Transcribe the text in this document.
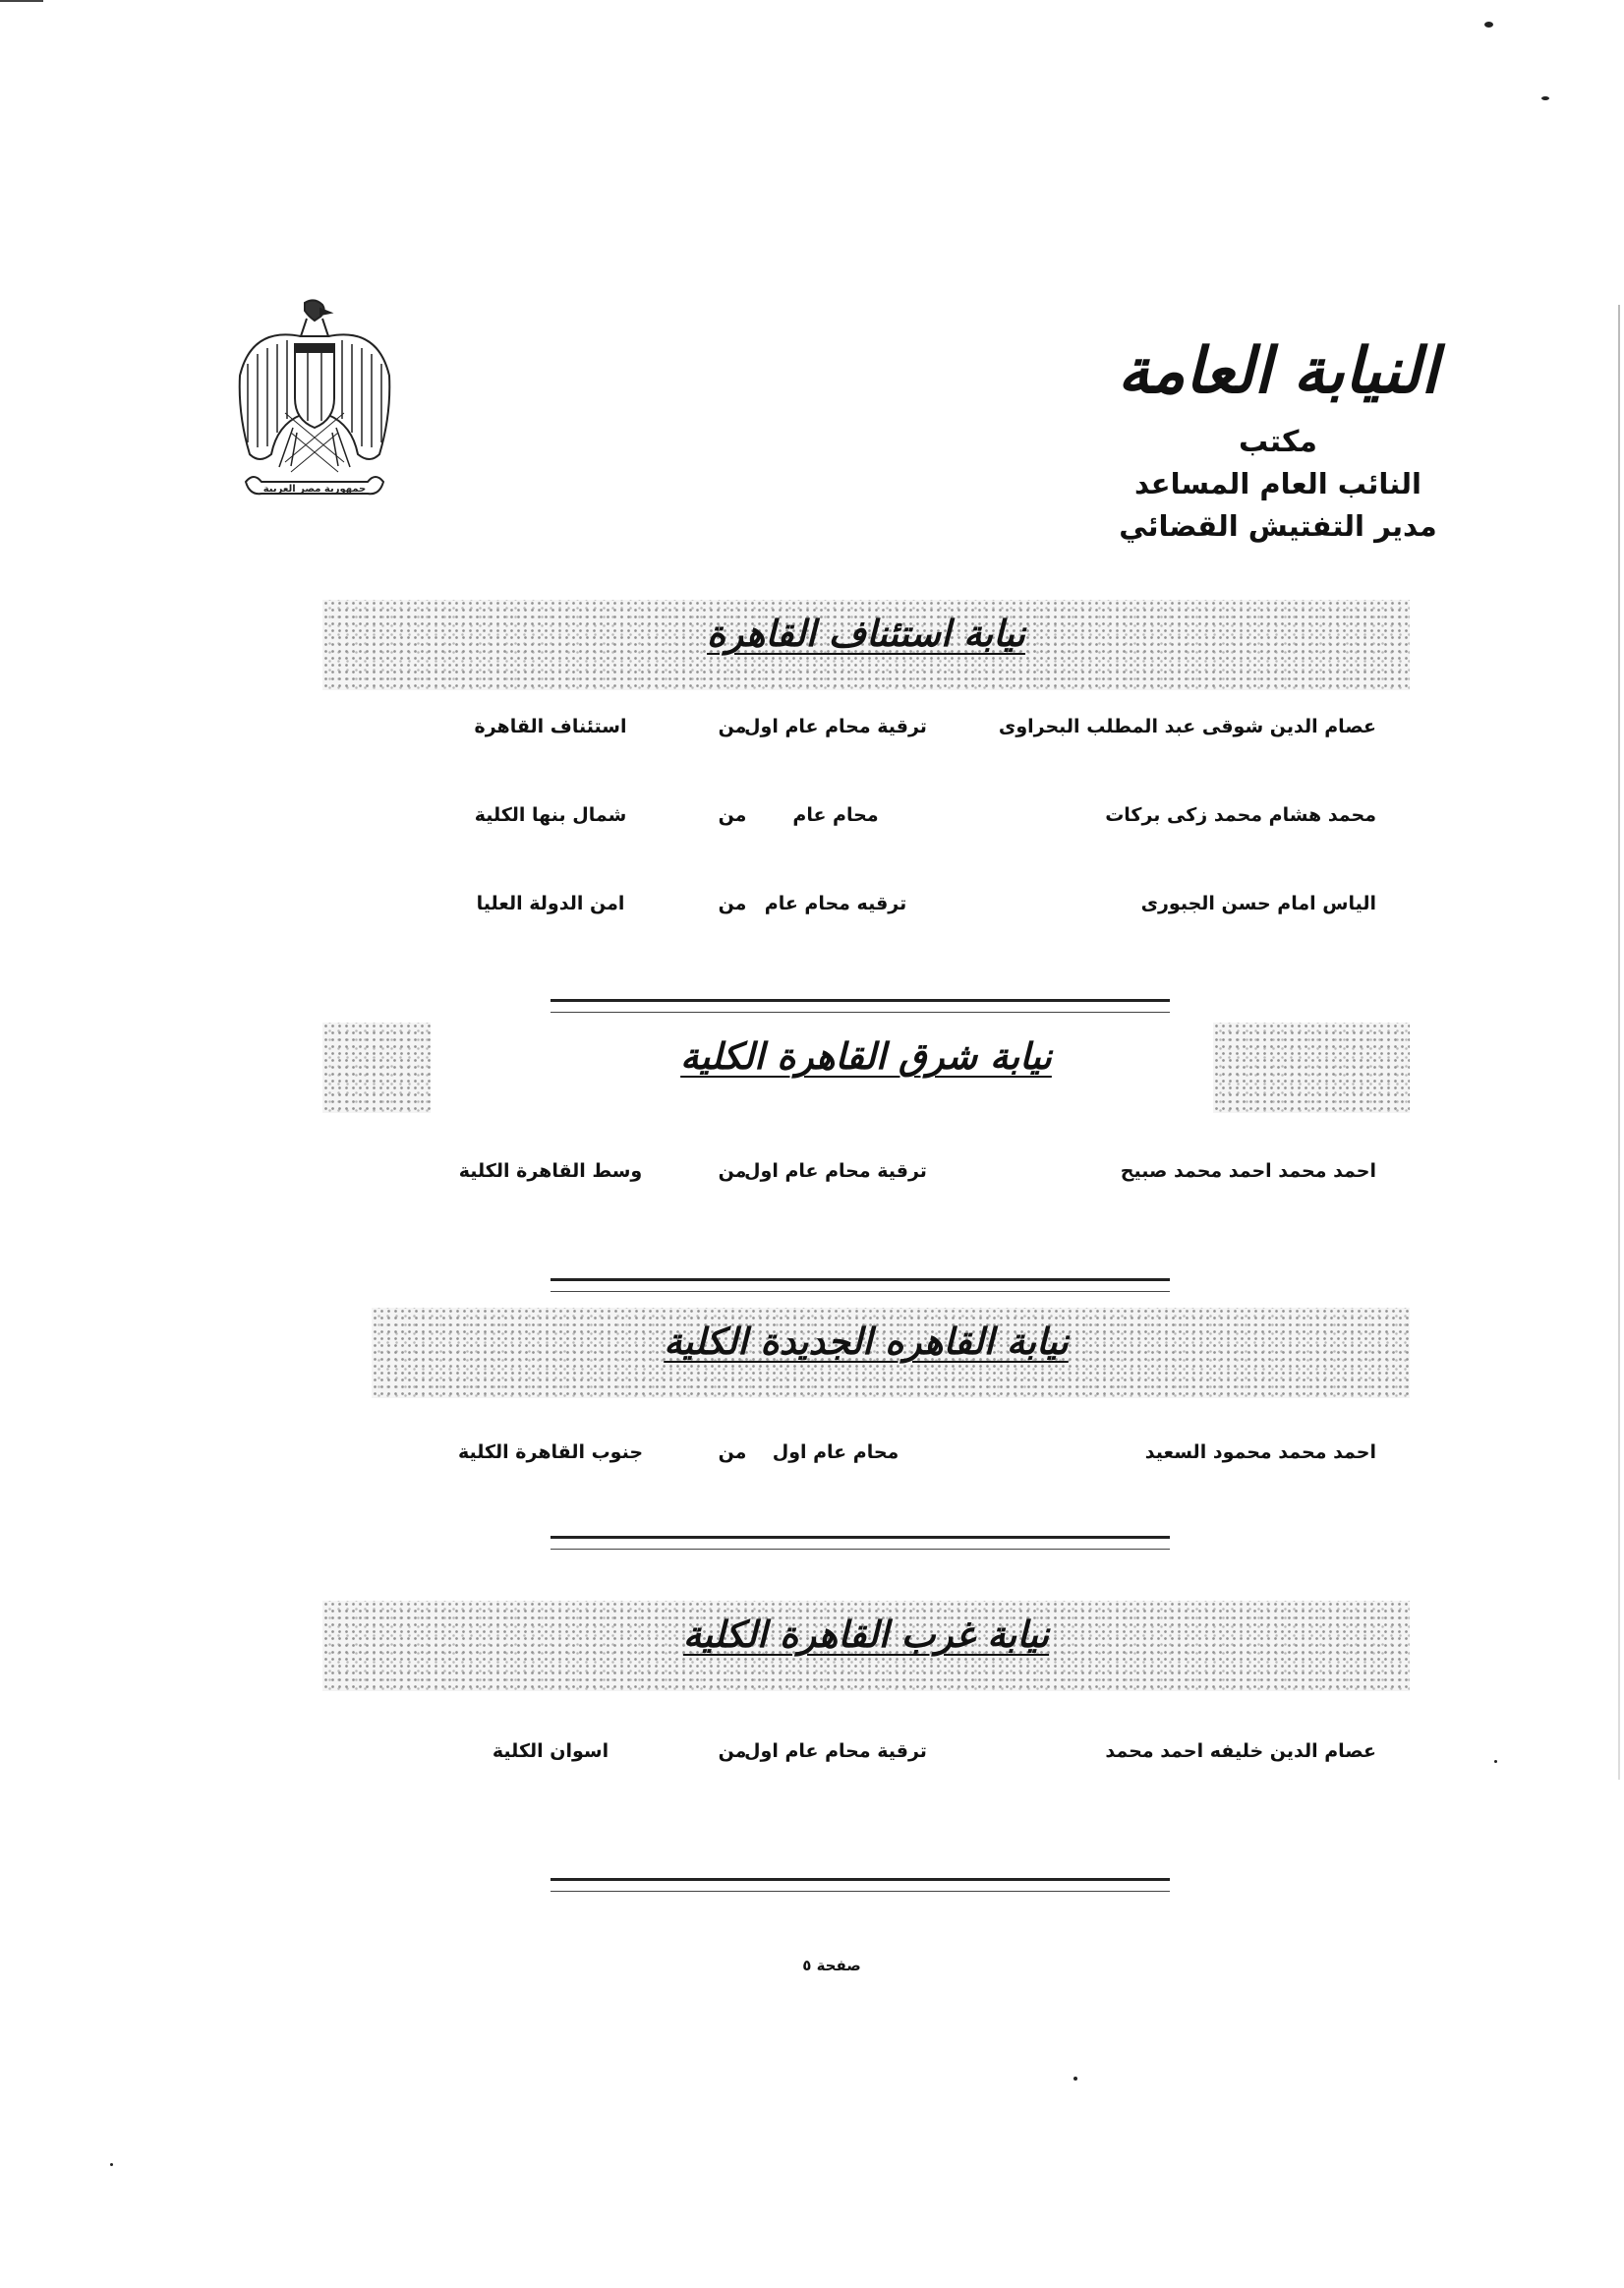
النيابة العامة
مكتب
النائب العام المساعد
مدير التفتيش القضائي
جمهورية مصر العربية
نيابة استئناف القاهرة
عصام الدين شوقى عبد المطلب البحراوى
ترقية محام عام اول
من
استئناف القاهرة
محمد هشام محمد زكى بركات
محام عام
من
شمال بنها الكلية
الياس امام حسن الجبورى
ترقيه محام عام
من
امن الدولة العليا
نيابة شرق القاهرة الكلية
احمد محمد احمد محمد صبيح
ترقية محام عام اول
من
وسط القاهرة الكلية
نيابة القاهره الجديدة الكلية
احمد محمد محمود السعيد
محام عام اول
من
جنوب القاهرة الكلية
نيابة غرب القاهرة الكلية
عصام الدين خليفه احمد محمد
ترقية محام عام اول
من
اسوان الكلية
صفحة ٥
